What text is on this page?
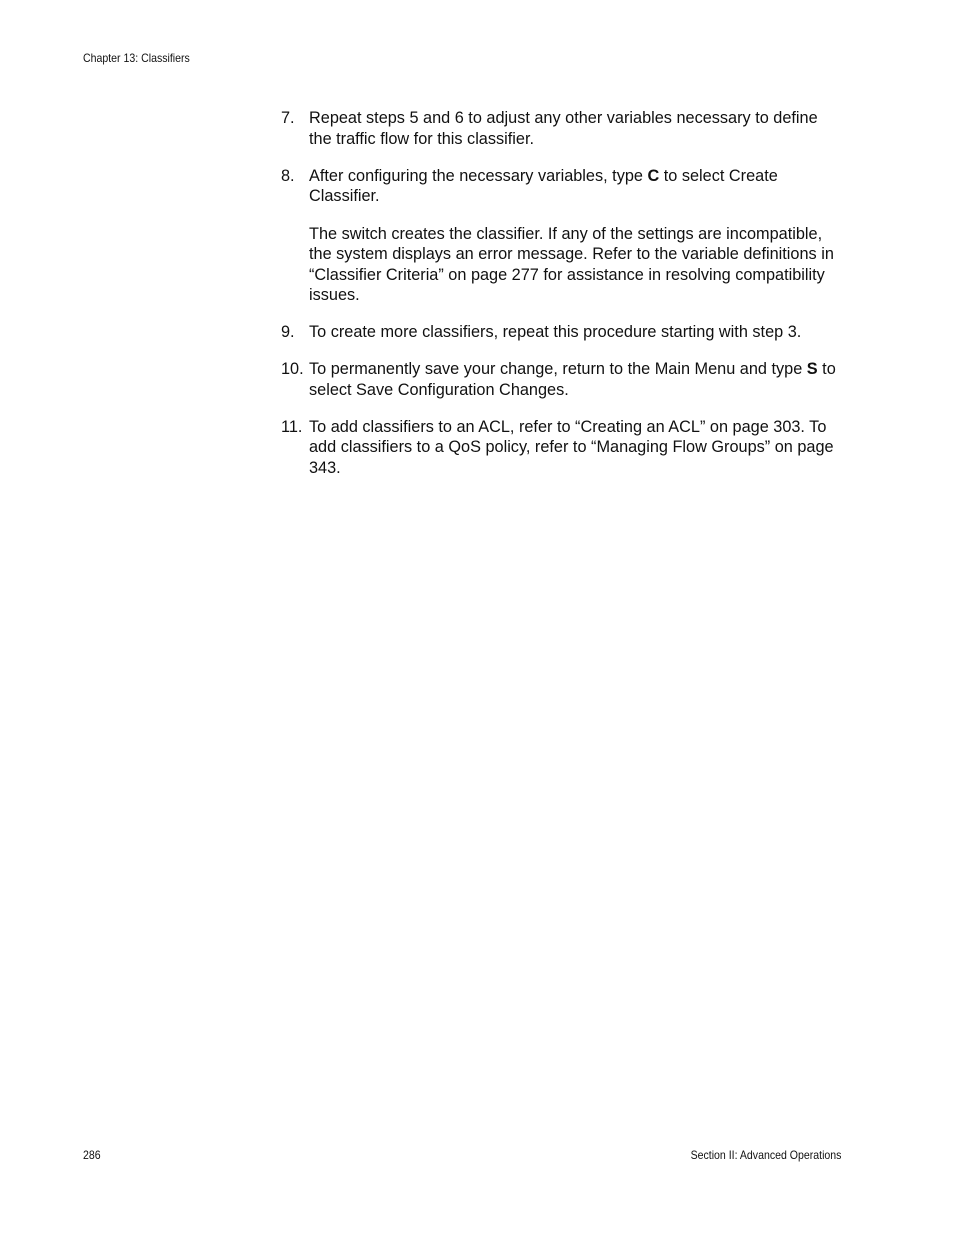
Chapter 13: Classifiers
7. Repeat steps 5 and 6 to adjust any other variables necessary to define the traffic flow for this classifier.

8. After configuring the necessary variables, type C to select Create Classifier.

The switch creates the classifier. If any of the settings are incompatible, the system displays an error message. Refer to the variable definitions in “Classifier Criteria” on page 277 for assistance in resolving compatibility issues.

9. To create more classifiers, repeat this procedure starting with step 3.

10. To permanently save your change, return to the Main Menu and type S to select Save Configuration Changes.

11. To add classifiers to an ACL, refer to “Creating an ACL” on page 303. To add classifiers to a QoS policy, refer to “Managing Flow Groups” on page 343.

286	Section II: Advanced Operations
